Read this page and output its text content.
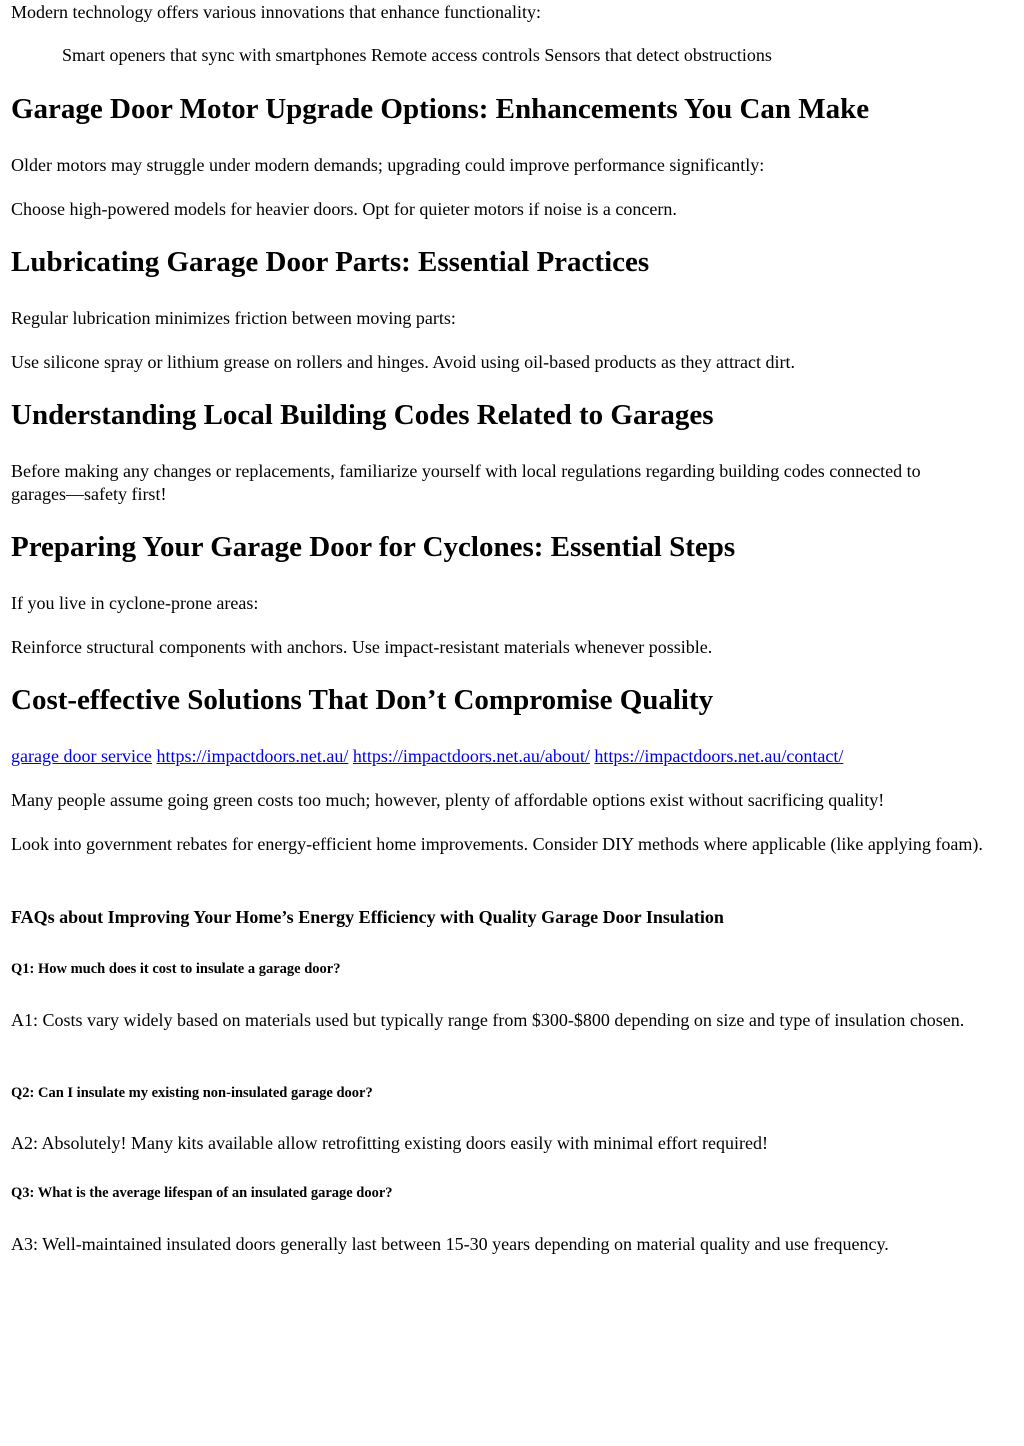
Modern technology offers various innovations that enhance functionality:

Smart openers that sync with smartphones Remote access controls Sensors that detect obstructions

Garage Door Motor Upgrade Options: Enhancements You Can Make

Older motors may struggle under modern demands; upgrading could improve performance significantly:

Choose high-powered models for heavier doors. Opt for quieter motors if noise is a concern.

Lubricating Garage Door Parts: Essential Practices

Regular lubrication minimizes friction between moving parts:

Use silicone spray or lithium grease on rollers and hinges. Avoid using oil-based products as they attract dirt.

Understanding Local Building Codes Related to Garages

Before making any changes or replacements, familiarize yourself with local regulations regarding building codes connected to garages—safety first!

Preparing Your Garage Door for Cyclones: Essential Steps

If you live in cyclone-prone areas:

Reinforce structural components with anchors. Use impact-resistant materials whenever possible.

Cost-effective Solutions That Don’t Compromise Quality

garage door service https://impactdoors.net.au/ https://impactdoors.net.au/about/ https://impactdoors.net.au/contact/

Many people assume going green costs too much; however, plenty of affordable options exist without sacrificing quality!

Look into government rebates for energy-efficient home improvements. Consider DIY methods where applicable (like applying foam).

FAQs about Improving Your Home’s Energy Efficiency with Quality Garage Door Insulation
Q1: How much does it cost to insulate a garage door?

A1: Costs vary widely based on materials used but typically range from $300-$800 depending on size and type of insulation chosen.

Q2: Can I insulate my existing non-insulated garage door?

A2: Absolutely! Many kits available allow retrofitting existing doors easily with minimal effort required!

Q3: What is the average lifespan of an insulated garage door?

A3: Well-maintained insulated doors generally last between 15-30 years depending on material quality and use frequency.
